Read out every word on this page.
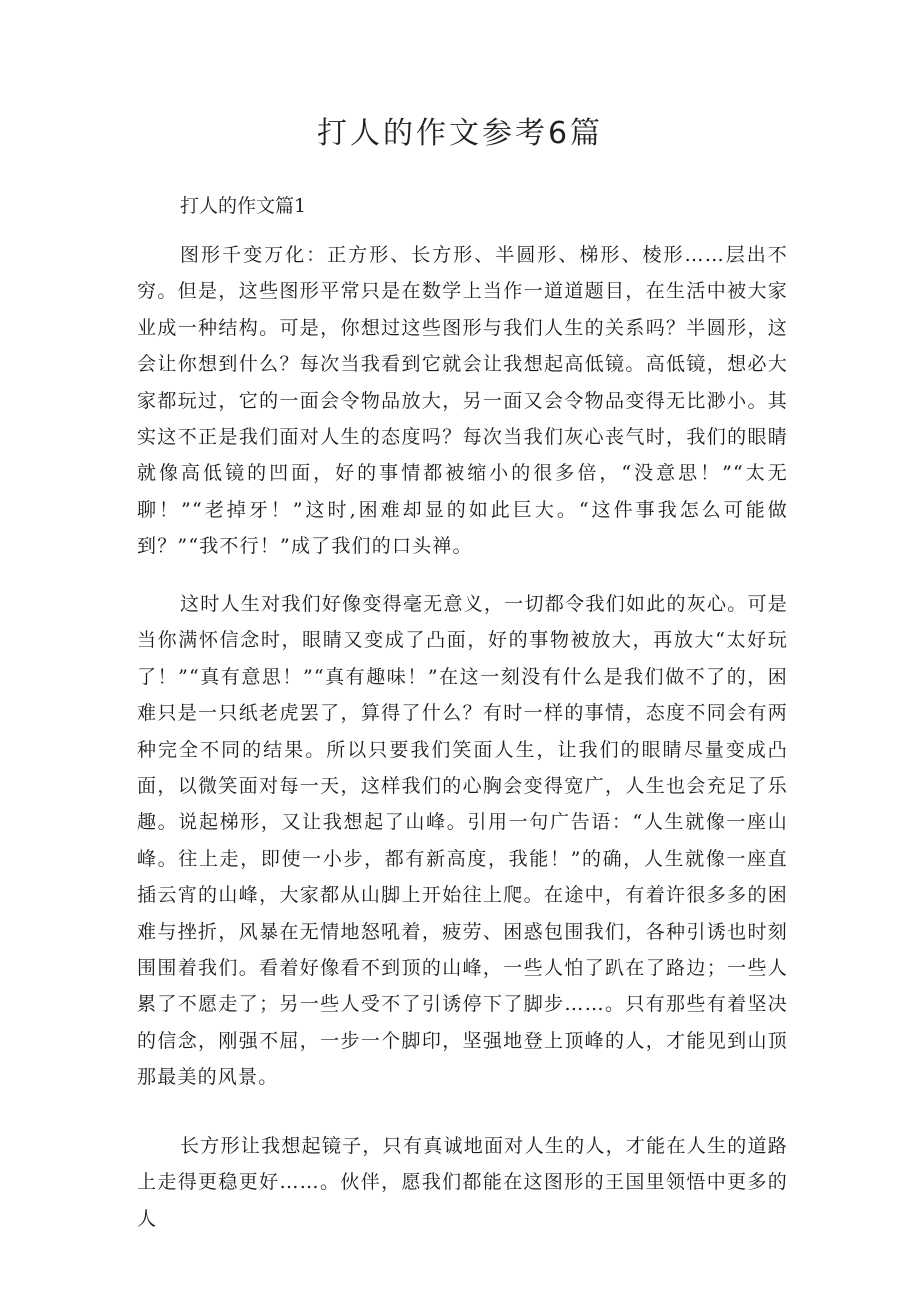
打人的作文参考6篇
打人的作文篇1

图形千变万化：正方形、长方形、半圆形、梯形、棱形……层出不穷。但是，这些图形平常只是在数学上当作一道道题目，在生活中被大家业成一种结构。可是，你想过这些图形与我们人生的关系吗？半圆形，这会让你想到什么？每次当我看到它就会让我想起高低镜。高低镜，想必大家都玩过，它的一面会令物品放大，另一面又会令物品变得无比渺小。其实这不正是我们面对人生的态度吗？每次当我们灰心丧气时，我们的眼睛就像高低镜的凹面，好的事情都被缩小的很多倍，“没意思！”“太无聊！”“老掉牙！”这时,困难却显的如此巨大。“这件事我怎么可能做到？”“我不行！”成了我们的口头禅。

这时人生对我们好像变得毫无意义，一切都令我们如此的灰心。可是当你满怀信念时，眼睛又变成了凸面，好的事物被放大，再放大“太好玩了！”“真有意思！”“真有趣味！”在这一刻没有什么是我们做不了的，困难只是一只纸老虎罢了，算得了什么？有时一样的事情，态度不同会有两种完全不同的结果。所以只要我们笑面人生，让我们的眼睛尽量变成凸面，以微笑面对每一天，这样我们的心胸会变得宽广，人生也会充足了乐趣。说起梯形，又让我想起了山峰。引用一句广告语：“人生就像一座山峰。往上走，即使一小步，都有新高度，我能！”的确，人生就像一座直插云宵的山峰，大家都从山脚上开始往上爬。在途中，有着许很多多的困难与挫折，风暴在无情地怒吼着，疲劳、困惑包围我们，各种引诱也时刻围围着我们。看着好像看不到顶的山峰，一些人怕了趴在了路边；一些人累了不愿走了；另一些人受不了引诱停下了脚步……。只有那些有着坚决的信念，刚强不屈，一步一个脚印，坚强地登上顶峰的人，才能见到山顶那最美的风景。

长方形让我想起镜子，只有真诚地面对人生的人，才能在人生的道路上走得更稳更好……。伙伴，愿我们都能在这图形的王国里领悟中更多的人
